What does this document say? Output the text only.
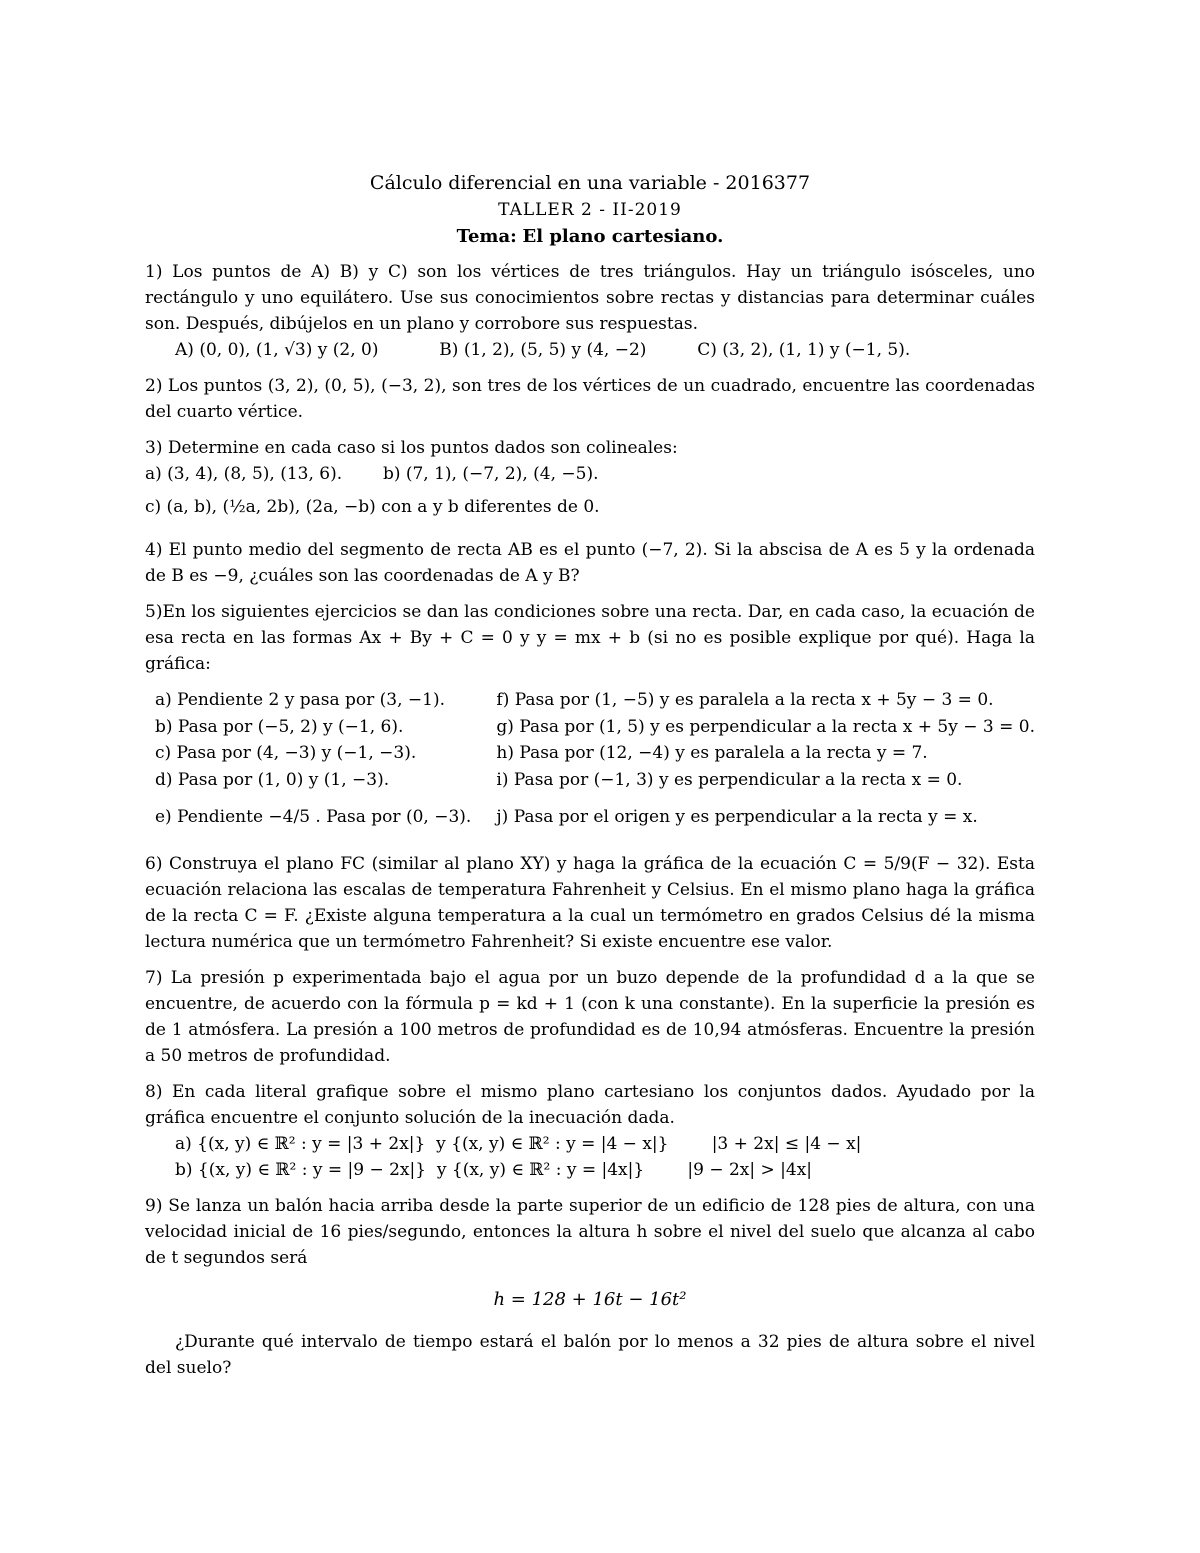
Cálculo diferencial en una variable - 2016377
TALLER 2 - II-2019
Tema: El plano cartesiano.

1) Los puntos de A) B) y C) son los vértices de tres triángulos. Hay un triángulo isósceles, uno rectángulo y uno equilátero. Use sus conocimientos sobre rectas y distancias para determinar cuáles son. Después, dibújelos en un plano y corrobore sus respuestas.

A) (0, 0), (1, √3) y (2, 0)	B) (1, 2), (5, 5) y (4, −2)	C) (3, 2), (1, 1) y (−1, 5).

2) Los puntos (3, 2), (0, 5), (−3, 2), son tres de los vértices de un cuadrado, encuentre las coordenadas del cuarto vértice.

3) Determine en cada caso si los puntos dados son colineales:
a) (3, 4), (8, 5), (13, 6). b) (7, 1), (−7, 2), (4, −5).
c) (a, b), (½a, 2b), (2a, −b) con a y b diferentes de 0.

4) El punto medio del segmento de recta AB es el punto (−7, 2). Si la abscisa de A es 5 y la ordenada de B es −9, ¿cuáles son las coordenadas de A y B?

5)En los siguientes ejercicios se dan las condiciones sobre una recta. Dar, en cada caso, la ecuación de esa recta en las formas Ax + By + C = 0 y y = mx + b (si no es posible explique por qué). Haga la gráfica:

a) Pendiente 2 y pasa por (3, −1).
b) Pasa por (−5, 2) y (−1, 6).
c) Pasa por (4, −3) y (−1, −3).
d) Pasa por (1, 0) y (1, −3).
e) Pendiente −4/5 . Pasa por (0, −3).
f) Pasa por (1, −5) y es paralela a la recta x + 5y − 3 = 0.
g) Pasa por (1, 5) y es perpendicular a la recta x + 5y − 3 = 0.
h) Pasa por (12, −4) y es paralela a la recta y = 7.
i) Pasa por (−1, 3) y es perpendicular a la recta x = 0.
j) Pasa por el origen y es perpendicular a la recta y = x.

6) Construya el plano FC (similar al plano XY) y haga la gráfica de la ecuación C = 5/9(F − 32). Esta ecuación relaciona las escalas de temperatura Fahrenheit y Celsius. En el mismo plano haga la gráfica de la recta C = F. ¿Existe alguna temperatura a la cual un termómetro en grados Celsius dé la misma lectura numérica que un termómetro Fahrenheit? Si existe encuentre ese valor.

7) La presión p experimentada bajo el agua por un buzo depende de la profundidad d a la que se encuentre, de acuerdo con la fórmula p = kd + 1 (con k una constante). En la superficie la presión es de 1 atmósfera. La presión a 100 metros de profundidad es de 10,94 atmósferas. Encuentre la presión a 50 metros de profundidad.

8) En cada literal grafique sobre el mismo plano cartesiano los conjuntos dados. Ayudado por la gráfica encuentre el conjunto solución de la inecuación dada.

a) {(x, y) ∈ ℝ² : y = |3 + 2x|}  y {(x, y) ∈ ℝ² : y = |4 − x|}        |3 + 2x| ≤ |4 − x|
b) {(x, y) ∈ ℝ² : y = |9 − 2x|}  y {(x, y) ∈ ℝ² : y = |4x|}        |9 − 2x| > |4x|

9) Se lanza un balón hacia arriba desde la parte superior de un edificio de 128 pies de altura, con una velocidad inicial de 16 pies/segundo, entonces la altura h sobre el nivel del suelo que alcanza al cabo de t segundos será

h = 128 + 16t − 16t²

¿Durante qué intervalo de tiempo estará el balón por lo menos a 32 pies de altura sobre el nivel del suelo?
